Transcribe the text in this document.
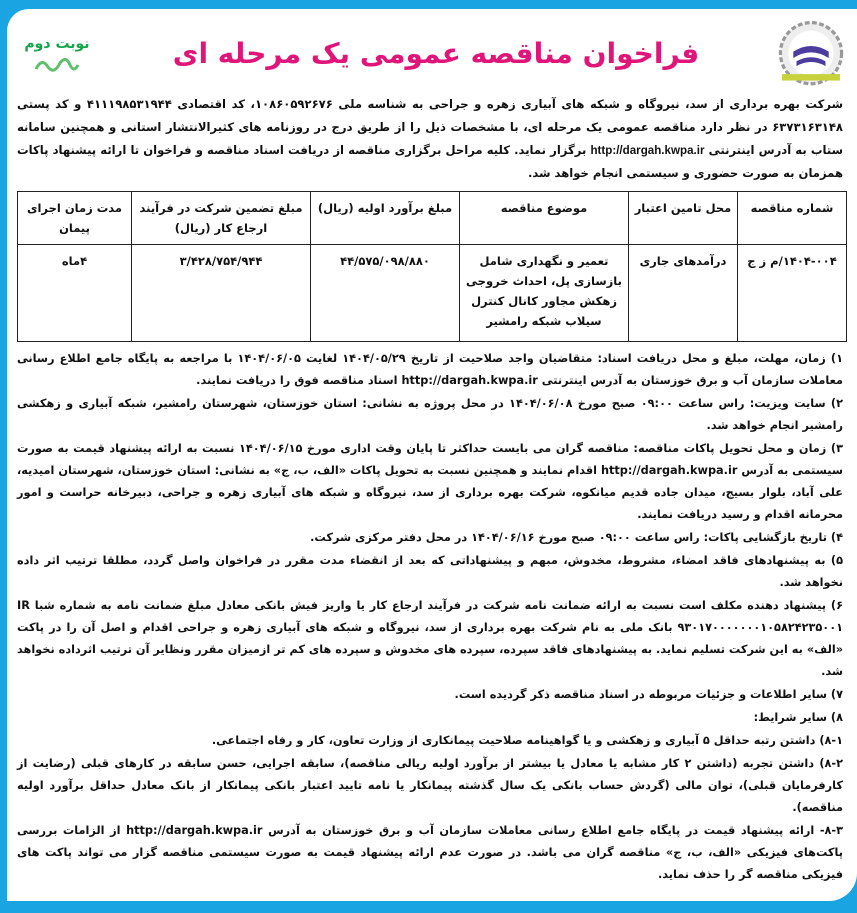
فراخوان مناقصه عمومی یک مرحله ای
نوبت دوم
شرکت بهره برداری از سد، نیروگاه و شبکه های آبیاری زهره و جراحی به شناسه ملی ۱۰۸۶۰۵۹۲۶۷۶، کد اقتصادی ۴۱۱۱۹۸۵۳۱۹۴۴ و کد پستی ۶۳۷۳۱۶۳۱۴۸ در نظر دارد مناقصه عمومی یک مرحله ای، با مشخصات ذیل را از طریق درج در روزنامه های کثیرالانتشار استانی و همچنین سامانه ستاب به آدرس اینترنتی http://dargah.kwpa.ir برگزار نماید. کلیه مراحل برگزاری مناقصه از دریافت اسناد مناقصه و فراخوان تا ارائه پیشنهاد پاکات همزمان به صورت حضوری و سیستمی انجام خواهد شد.
شماره مناقصه	محل تامین اعتبار	موضوع مناقصه	مبلغ برآورد اولیه (ریال)	مبلغ تضمین شرکت در فرآیند ارجاع کار (ریال)	مدت زمان اجرای پیمان
۱۴۰۴-۰۰۴/م ز ج	درآمدهای جاری	تعمیر و نگهداری شامل بازسازی پل، احداث خروجی زهکش مجاور کانال کنترل سیلاب شبکه رامشیر	۴۴/۵۷۵/۰۹۸/۸۸۰	۳/۴۲۸/۷۵۴/۹۴۴	۴ماه

۱) زمان، مهلت، مبلغ و محل دریافت اسناد: متقاضیان واجد صلاحیت از تاریخ ۱۴۰۴/۰۵/۲۹ لغایت ۱۴۰۴/۰۶/۰۵ با مراجعه به پایگاه جامع اطلاع رسانی معاملات سازمان آب و برق خوزستان به آدرس اینترنتی http://dargah.kwpa.ir اسناد مناقصه فوق را دریافت نمایند.

۲) سایت ویزیت: راس ساعت ۰۹:۰۰ صبح مورخ ۱۴۰۴/۰۶/۰۸ در محل پروژه به نشانی: استان خوزستان، شهرستان رامشیر، شبکه آبیاری و زهکشی رامشیر انجام خواهد شد.

۳) زمان و محل تحویل پاکات مناقصه: مناقصه گران می بایست حداکثر تا پایان وقت اداری مورخ ۱۴۰۴/۰۶/۱۵ نسبت به ارائه پیشنهاد قیمت به صورت سیستمی به آدرس http://dargah.kwpa.ir اقدام نمایند و همچنین نسبت به تحویل پاکات «الف، ب، ج» به نشانی: استان خوزستان، شهرستان امیدیه، علی آباد، بلوار بسیج، میدان جاده قدیم میانکوه، شرکت بهره برداری از سد، نیروگاه و شبکه های آبیاری زهره و جراحی، دبیرخانه حراست و امور محرمانه اقدام و رسید دریافت نمایند.

۴) تاریخ بازگشایی پاکات: راس ساعت ۰۹:۰۰ صبح مورخ ۱۴۰۴/۰۶/۱۶ در محل دفتر مرکزی شرکت.

۵) به پیشنهادهای فاقد امضاء، مشروط، مخدوش، مبهم و پیشنهاداتی که بعد از انقضاء مدت مقرر در فراخوان واصل گردد، مطلقا ترتیب اثر داده نخواهد شد.

۶) پیشنهاد دهنده مکلف است نسبت به ارائه ضمانت نامه شرکت در فرآیند ارجاع کار یا واریز فیش بانکی معادل مبلغ ضمانت نامه به شماره شبا IR ۹۳۰۱۷۰۰۰۰۰۰۰۱۰۵۸۲۴۲۳۵۰۰۱ بانک ملی به نام شرکت بهره برداری از سد، نیروگاه و شبکه های آبیاری زهره و جراحی اقدام و اصل آن را در پاکت «الف» به این شرکت تسلیم نماید. به پیشنهادهای فاقد سپرده، سپرده های مخدوش و سپرده های کم تر ازمیزان مقرر ونظایر آن ترتیب اثرداده نخواهد شد.

۷) سایر اطلاعات و جزئیات مربوطه در اسناد مناقصه ذکر گردیده است.

۸) سایر شرایط:

۸-۱) داشتن رتبه حداقل ۵ آبیاری و زهکشی و یا گواهینامه صلاحیت پیمانکاری از وزارت تعاون، کار و رفاه اجتماعی.

۸-۲) داشتن تجربه (داشتن ۲ کار مشابه یا معادل یا بیشتر از برآورد اولیه ریالی مناقصه)، سابقه اجرایی، حسن سابقه در کارهای قبلی (رضایت از کارفرمایان قبلی)، توان مالی (گردش حساب بانکی یک سال گذشته پیمانکار یا نامه تایید اعتبار بانکی پیمانکار از بانک معادل حداقل برآورد اولیه مناقصه).

۸-۳- ارائه پیشنهاد قیمت در پایگاه جامع اطلاع رسانی معاملات سازمان آب و برق خوزستان به آدرس http://dargah.kwpa.ir از الزامات بررسی پاکت‌های فیزیکی «الف، ب، ج» مناقصه گران می باشد. در صورت عدم ارائه پیشنهاد قیمت به صورت سیستمی مناقصه گزار می تواند پاکت های فیزیکی مناقصه گر را حذف نماید.
